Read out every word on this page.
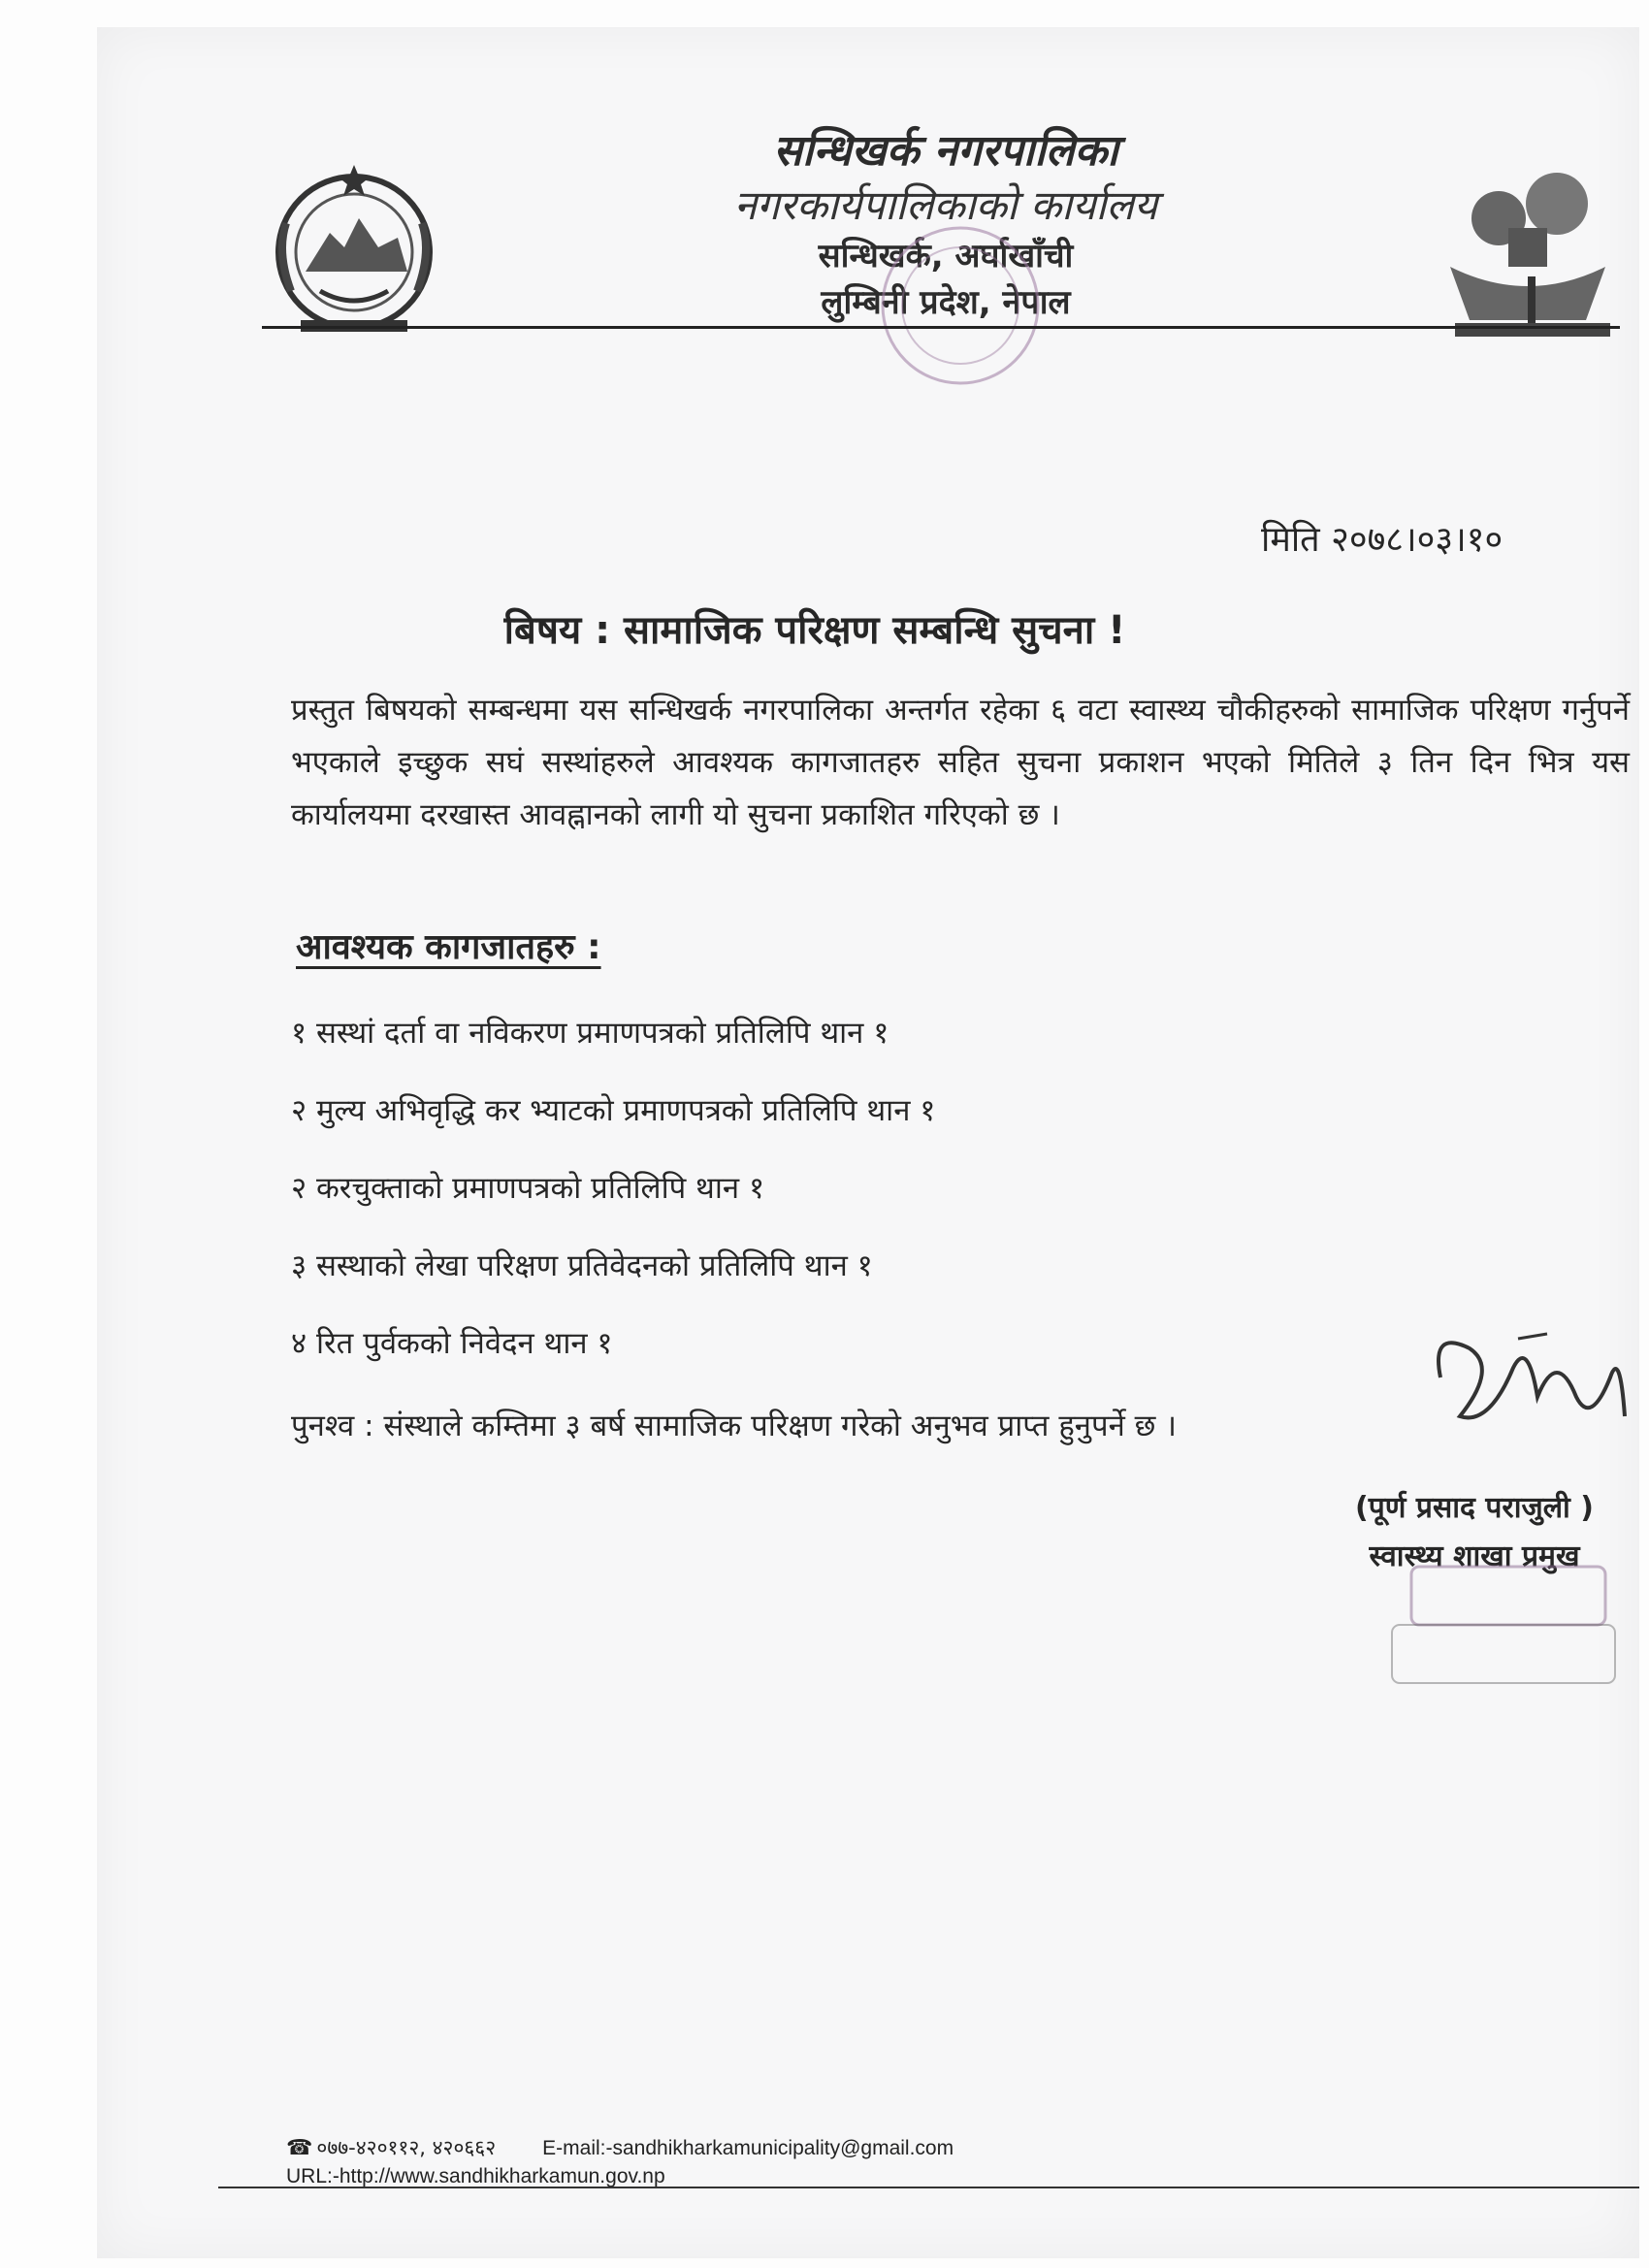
सन्धिखर्क नगरपालिका

नगरकार्यपालिकाको कार्यालय

सन्धिखर्क, अर्घाखाँची

लुम्बिनी प्रदेश, नेपाल

मिति २०७८।०३।१०
बिषय : सामाजिक परिक्षण सम्बन्धि सुचना !

प्रस्तुत बिषयको सम्बन्धमा यस सन्धिखर्क नगरपालिका अन्तर्गत रहेका ६ वटा स्वास्थ्य चौकीहरुको सामाजिक परिक्षण गर्नुपर्ने भएकाले इच्छुक सघं सस्थांहरुले आवश्यक कागजातहरु सहित सुचना प्रकाशन भएको मितिले ३ तिन दिन भित्र यस कार्यालयमा दरखास्त आवह्नानको लागी यो सुचना प्रकाशित गरिएको छ ।

आवश्यक कागजातहरु :
१ सस्थां दर्ता वा नविकरण प्रमाणपत्रको प्रतिलिपि थान १
२ मुल्य अभिवृद्धि कर भ्याटको प्रमाणपत्रको प्रतिलिपि थान १
२ करचुक्ताको प्रमाणपत्रको प्रतिलिपि थान १
३ सस्थाको लेखा परिक्षण प्रतिवेदनको प्रतिलिपि थान १
४ रित पुर्वकको निवेदन थान १
पुनश्व : संस्थाले कम्तिमा ३ बर्ष सामाजिक परिक्षण गरेको अनुभव प्राप्त हुनुपर्ने छ ।

(पूर्ण प्रसाद पराजुली )

स्वास्थ्य शाखा प्रमुख

☎ ०७७-४२०११२, ४२०६६२ E-mail:-sandhikharkamunicipality@gmail.com
URL:-http://www.sandhikharkamun.gov.np
